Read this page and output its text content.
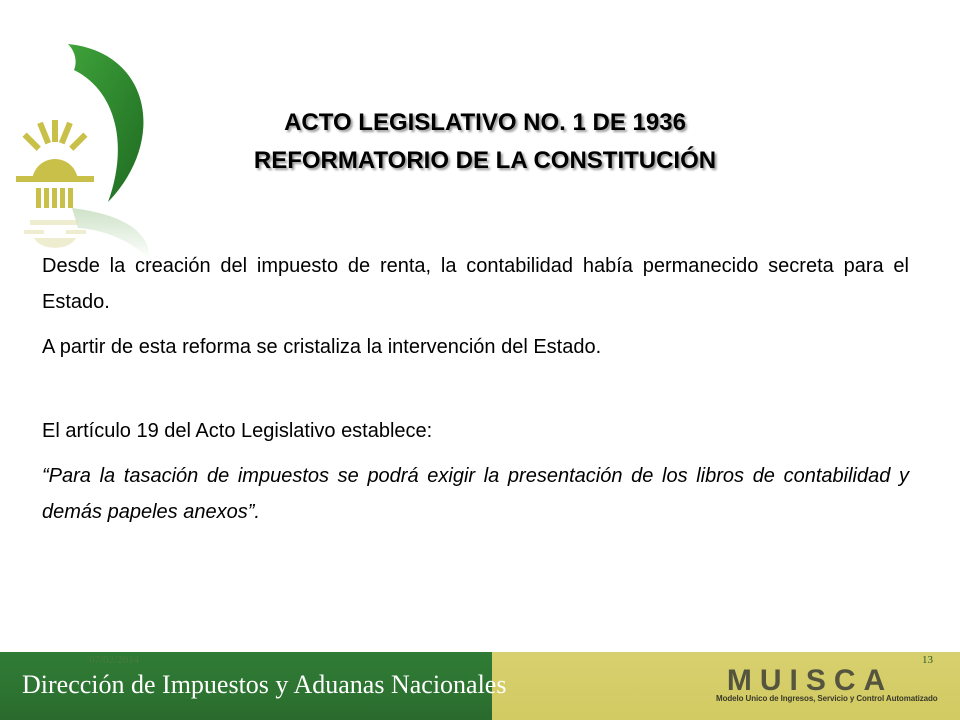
ACTO LEGISLATIVO NO. 1 DE 1936
REFORMATORIO DE LA CONSTITUCIÓN

Desde la creación del impuesto de renta, la contabilidad había permanecido secreta para el Estado.

A partir de esta reforma se cristaliza la intervención del Estado.

El artículo 19 del Acto Legislativo establece:

“Para la tasación de impuestos se podrá exigir la presentación de los libros de contabilidad y demás papeles anexos”.

Dirección de Impuestos y Aduanas Nacionales
07/02/2014	13
MUISCA
Modelo Unico de Ingresos, Servicio y Control Automatizado
